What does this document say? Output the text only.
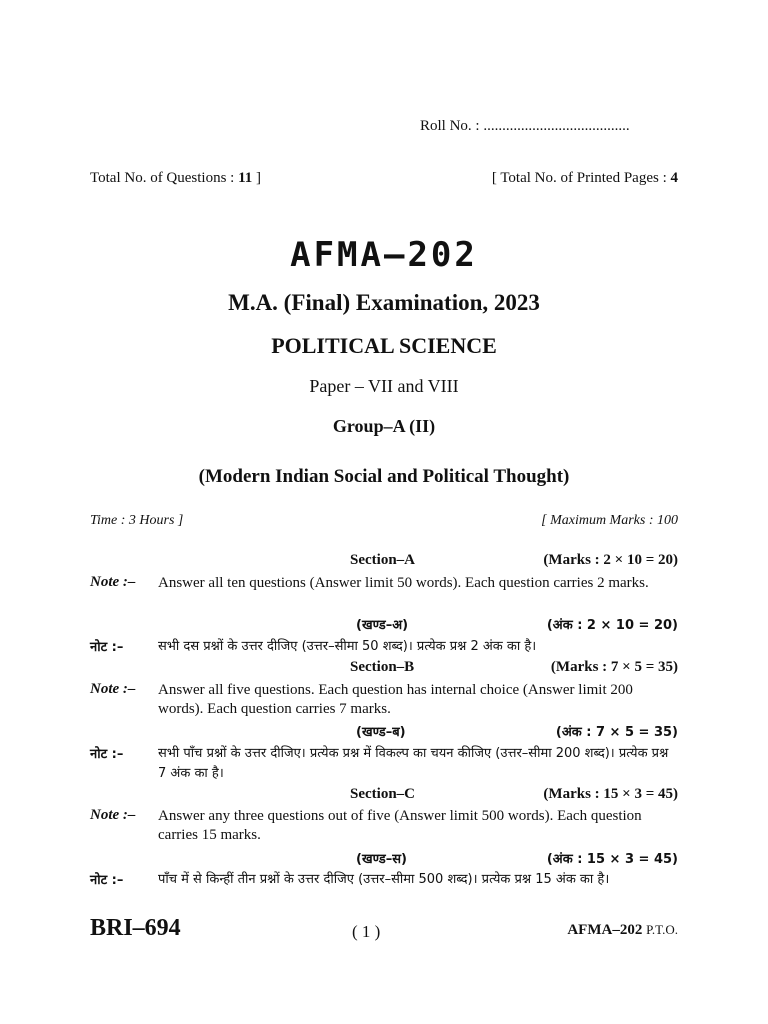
Roll No. : .......................................
Total No. of Questions : 11 ]	[ Total No. of Printed Pages : 4
AFMA–202
M.A. (Final) Examination, 2023
POLITICAL SCIENCE
Paper – VII and VIII
Group–A (II)
(Modern Indian Social and Political Thought)
Time : 3 Hours ]	[ Maximum Marks : 100
Section–A	(Marks : 2 × 10 = 20)
Note :– Answer all ten questions (Answer limit 50 words). Each question carries 2 marks.
(खण्ड–अ)	(अंक : 2 × 10 = 20)
नोट :–	सभी दस प्रश्नों के उत्तर दीजिए (उत्तर–सीमा 50 शब्द)। प्रत्येक प्रश्न 2 अंक का है।
Section–B	(Marks : 7 × 5 = 35)
Note :– Answer all five questions. Each question has internal choice (Answer limit 200 words). Each question carries 7 marks.
(खण्ड–ब)	(अंक : 7 × 5 = 35)
नोट :–	सभी पाँच प्रश्नों के उत्तर दीजिए। प्रत्येक प्रश्न में विकल्प का चयन कीजिए (उत्तर–सीमा 200 शब्द)। प्रत्येक प्रश्न 7 अंक का है।
Section–C	(Marks : 15 × 3 = 45)
Note :– Answer any three questions out of five (Answer limit 500 words). Each question carries 15 marks.
(खण्ड–स)	(अंक : 15 × 3 = 45)
नोट :–	पाँच में से किन्हीं तीन प्रश्नों के उत्तर दीजिए (उत्तर–सीमा 500 शब्द)। प्रत्येक प्रश्न 15 अंक का है।
BRI–694	( 1 )	AFMA–202 P.T.O.
